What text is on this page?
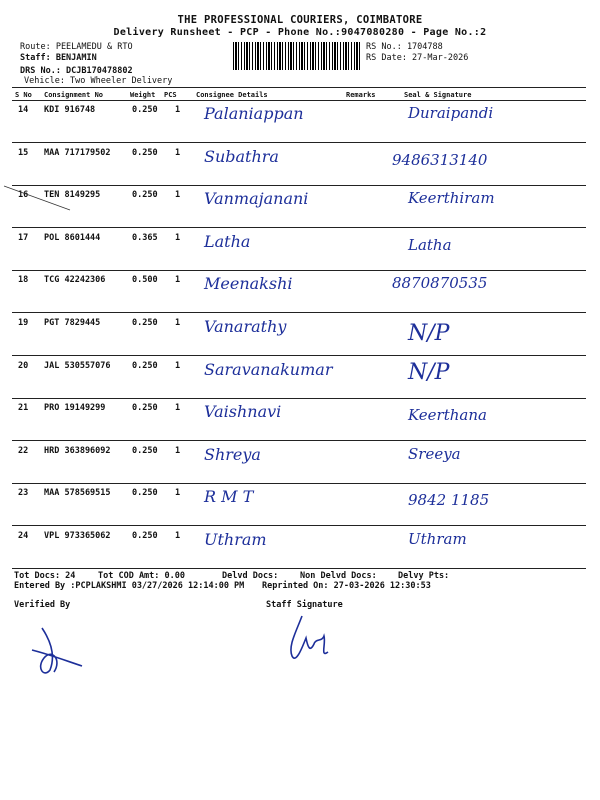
THE PROFESSIONAL COURIERS, COIMBATORE
Delivery Runsheet - PCP - Phone No.:9047080280 - Page No.:2
Route: PEELAMEDU & RTO
Staff: BENJAMIN
DRS No.: DCJB170478802
Vehicle: Two Wheeler Delivery
RS No.: 1704788
RS Date: 27-Mar-2026
S No Consignment No	Weight PCS	Consignee Details	Remarks	Seal & Signature
14 KDI 916748	0.250 1 Palaniappan	Duraipandi
15 MAA 717179502	0.250 1 Subathra	9486313140
16 TEN 8149295	0.250 1 Vanmajanani	Keerthiram
17 POL 8601444	0.365 1 Latha	Latha
18 TCG 42242306	0.500 1 Meenakshi	8870870535
19 PGT 7829445	0.250 1 Vanarathy	N/P
20 JAL 530557076	0.250 1 Saravanakumar	N/P
21 PRO 19149299	0.250 1 Vaishnavi	Keerthana
22 HRD 363896092	0.250 1 Shreya	Sreeya
23 MAA 578569515	0.250 1 R M T	9842 1185
24 VPL 973365062	0.250 1 Uthram	Uthram
Tot Docs: 24	Tot COD Amt: 0.00	Delvd Docs:	Non Delvd Docs: Delvy Pts:
Entered By :PCPLAKSHMI 03/27/2026 12:14:00 PM Reprinted On: 27-03-2026 12:30:53
Verified By	Staff Signature
